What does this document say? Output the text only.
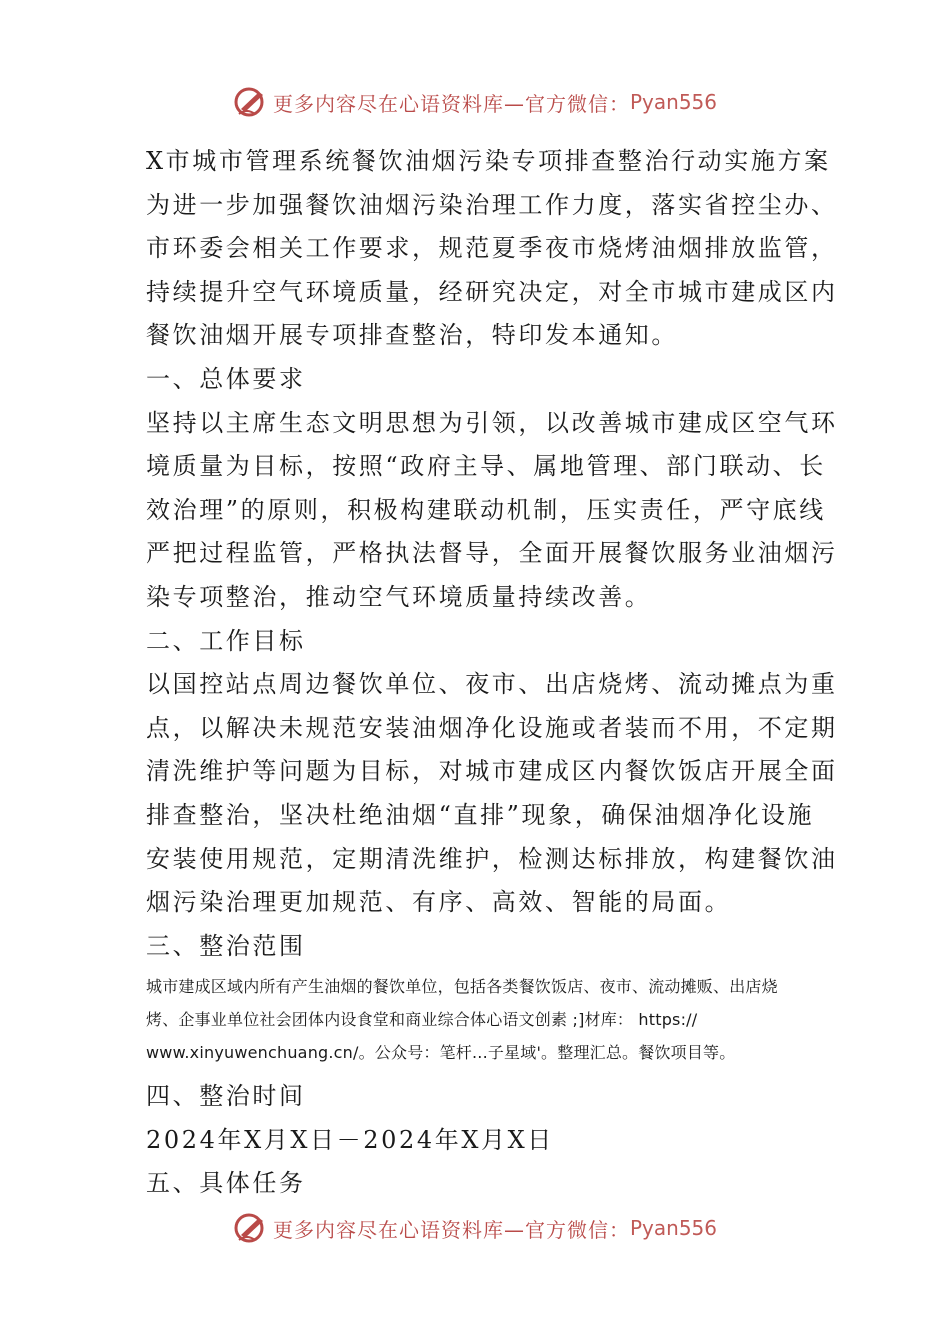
更多内容尽在心语资料库—官方微信： Pyan556
X市城市管理系统餐饮油烟污染专项排查整治行动实施方案
为进一步加强餐饮油烟污染治理工作力度，落实省控尘办、
市环委会相关工作要求，规范夏季夜市烧烤油烟排放监管，
持续提升空气环境质量，经研究决定，对全市城市建成区内
餐饮油烟开展专项排查整治，特印发本通知。
一、总体要求
坚持以主席生态文明思想为引领，以改善城市建成区空气环
境质量为目标，按照“政府主导、属地管理、部门联动、长
效治理”的原则，积极构建联动机制，压实责任，严守底线
严把过程监管，严格执法督导，全面开展餐饮服务业油烟污
染专项整治，推动空气环境质量持续改善。
二、工作目标
以国控站点周边餐饮单位、夜市、出店烧烤、流动摊点为重
点，以解决未规范安装油烟净化设施或者装而不用，不定期
清洗维护等问题为目标，对城市建成区内餐饮饭店开展全面
排查整治，坚决杜绝油烟“直排”现象，确保油烟净化设施
安装使用规范，定期清洗维护，检测达标排放，构建餐饮油
烟污染治理更加规范、有序、高效、智能的局面。
三、整治范围
城市建成区域内所有产生油烟的餐饮单位，包括各类餐饮饭店、夜市、流动摊贩、出店烧
烤、企事业单位社会团体内设食堂和商业综合体心语文创素 ;]材库： https://
www.xinyuwenchuang.cn/。公众号：笔杆...子星域'。整理汇总。餐饮项目等。
四、整治时间
2024年X月X日－2024年X月X日
五、具体任务
更多内容尽在心语资料库—官方微信： Pyan556
